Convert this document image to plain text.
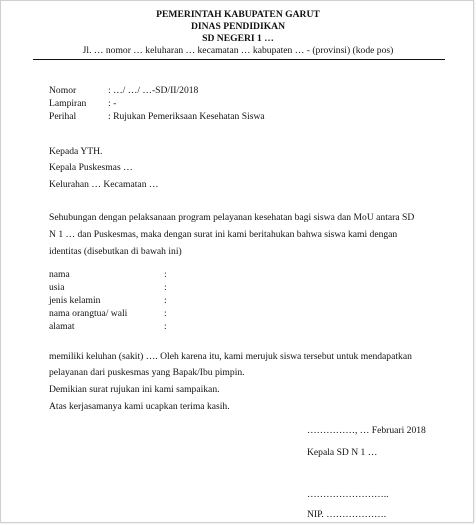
PEMERINTAH KABUPATEN GARUT
DINAS PENDIDIKAN
SD NEGERI 1 …
Jl. … nomor … keluharan … kecamatan … kabupaten … - (provinsi) (kode pos)
Nomor	: …/ …/ …-SD/II/2018
Lampiran : -
Perihal	: Rujukan Pemeriksaan Kesehatan Siswa
Kepada YTH.
Kepala Puskesmas …
Kelurahan … Kecamatan …
Sehubungan dengan pelaksanaan program pelayanan kesehatan bagi siswa dan MoU antara SD
N 1 … dan Puskesmas, maka dengan surat ini kami beritahukan bahwa siswa kami dengan
identitas (disebutkan di bawah ini)
nama	:
usia	:
jenis kelamin	:
nama orangtua/ wali	:
alamat	:
memiliki keluhan (sakit) …. Oleh karena itu, kami merujuk siswa tersebut untuk mendapatkan
pelayanan dari puskesmas yang Bapak/Ibu pimpin.
Demikian surat rujukan ini kami sampaikan.
Atas kerjasamanya kami ucapkan terima kasih.
……………, … Februari 2018
Kepala SD N 1 …
……………………..
NIP. ……………….
